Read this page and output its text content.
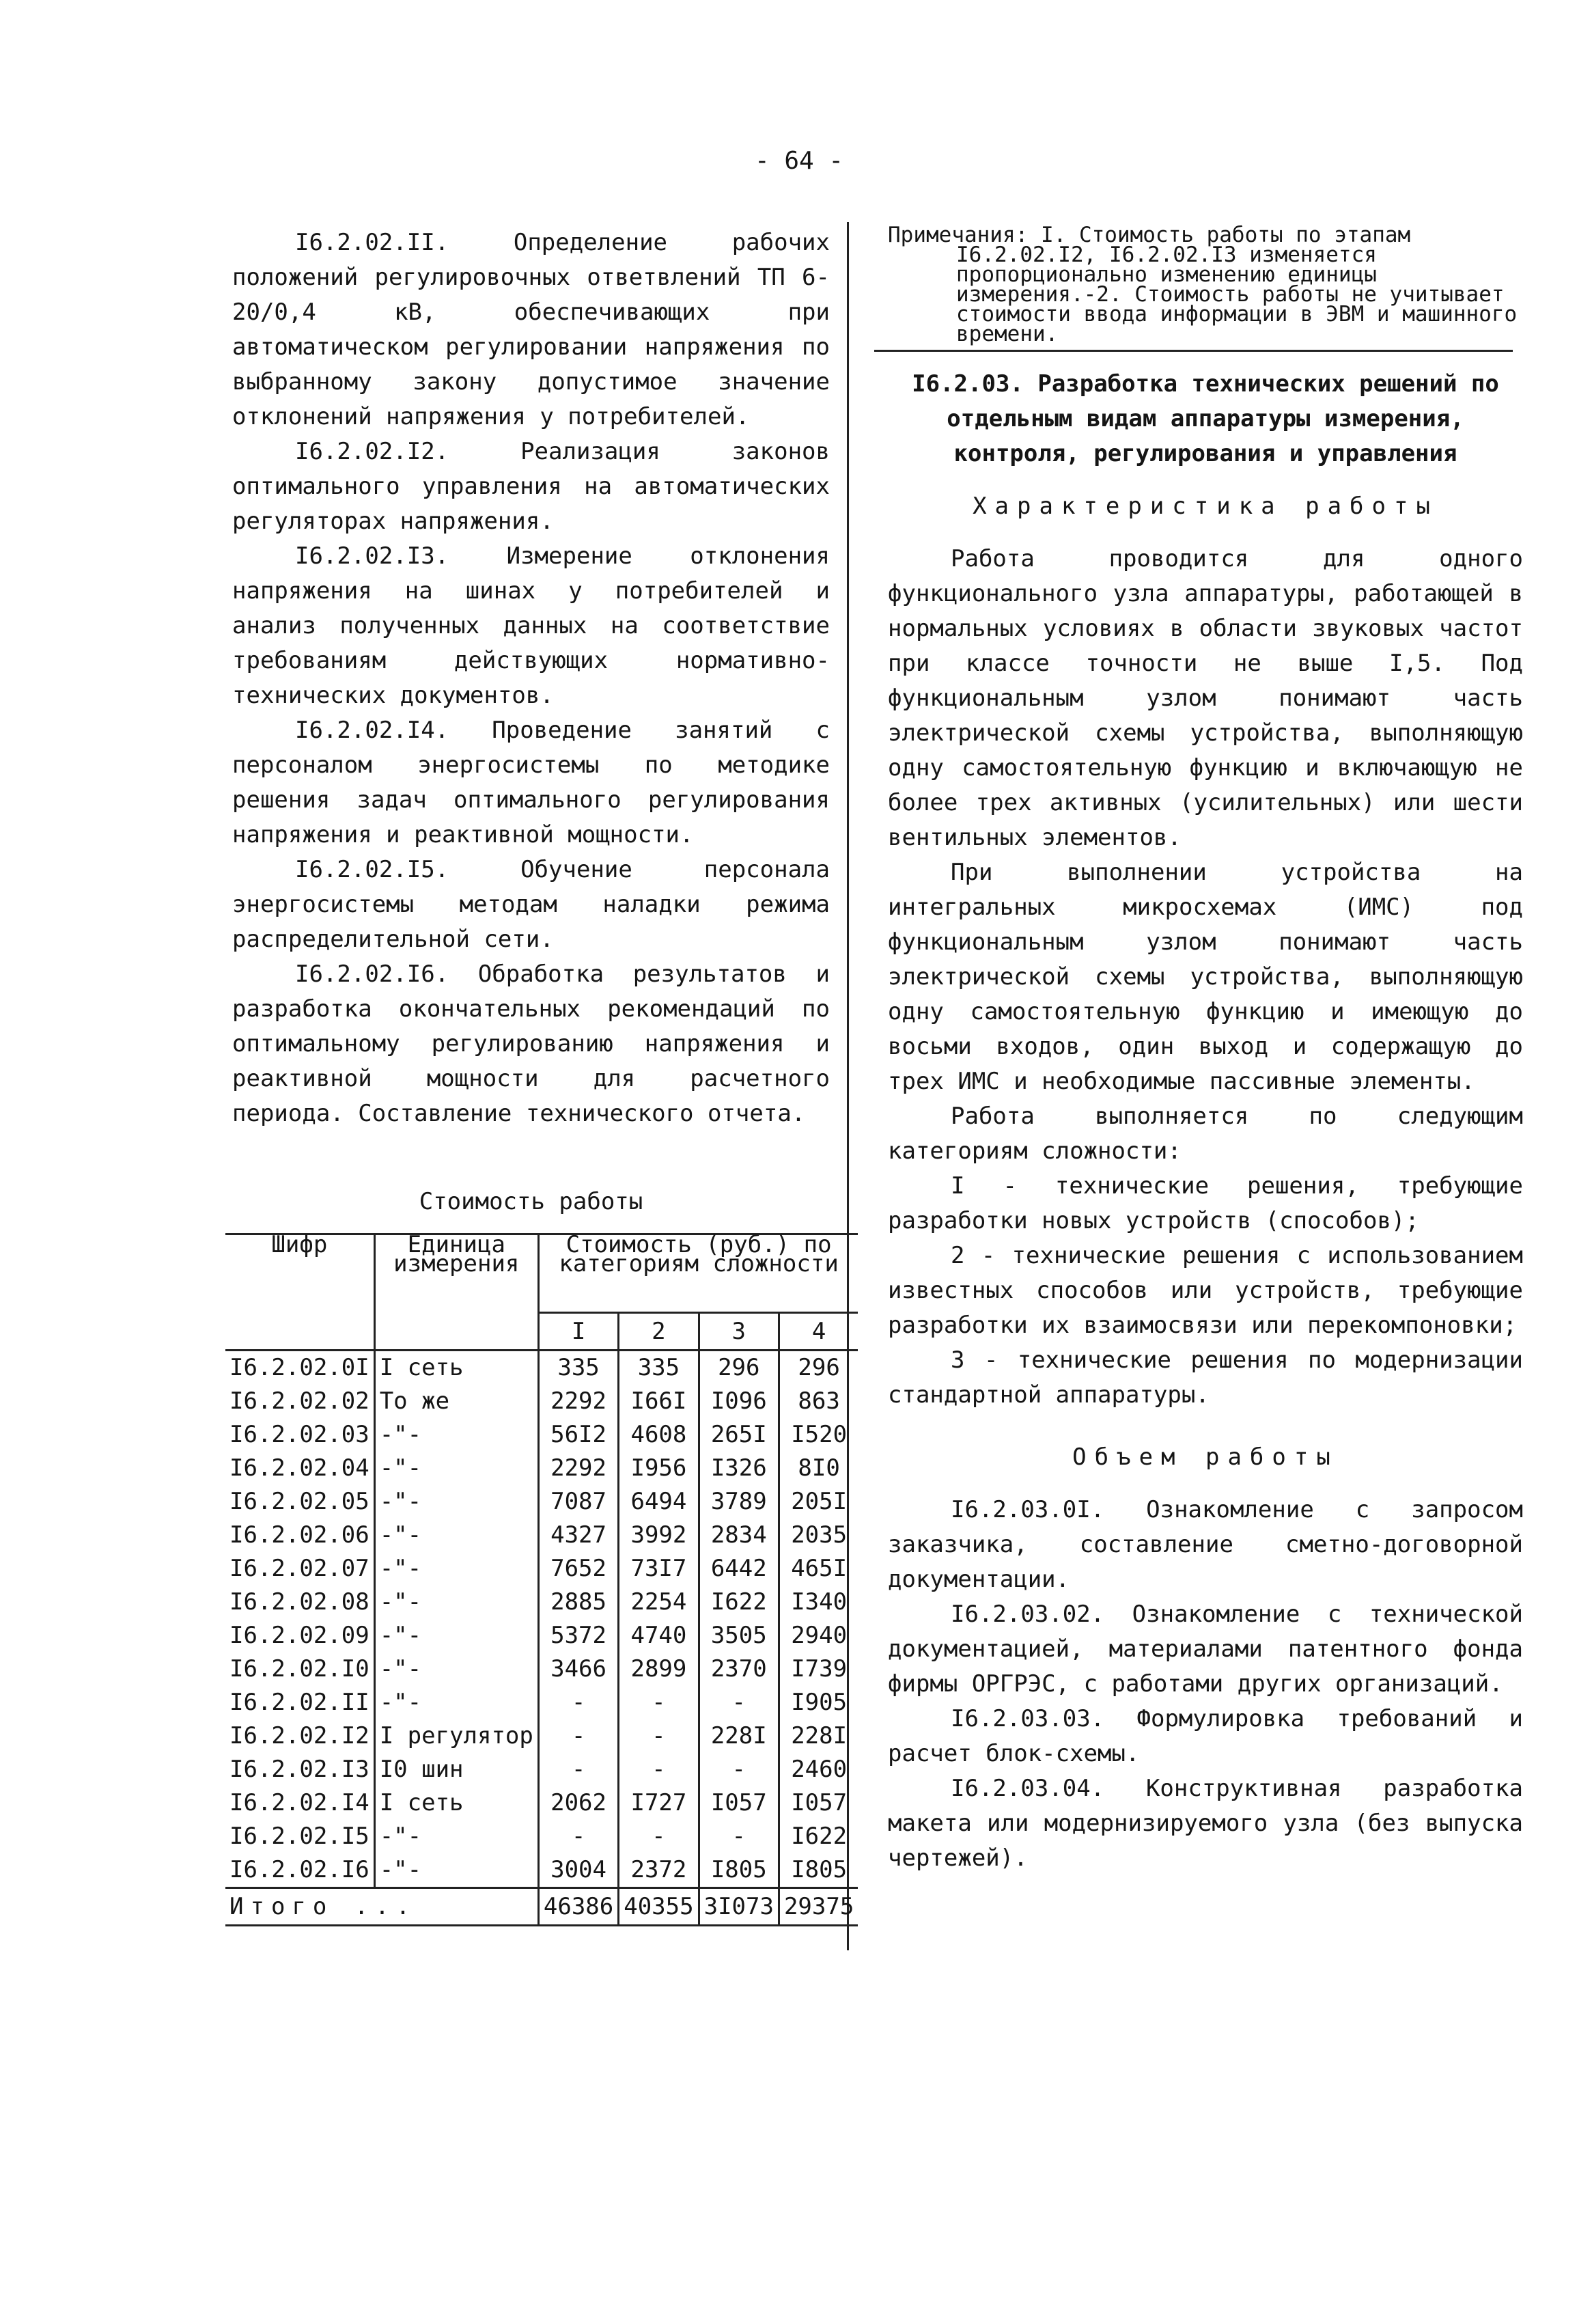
- 64 -

I6.2.02.II. Определение рабочих положений регулировочных ответвлений ТП 6-20/0,4 кВ, обеспечивающих при автоматическом регулировании напряжения по выбранному закону допустимое значение отклонений напряжения у потребителей.

I6.2.02.I2. Реализация законов оптимального управления на автоматических регуляторах напряжения.

I6.2.02.I3. Измерение отклонения напряжения на шинах у потребителей и анализ полученных данных на соответствие требованиям действующих нормативно-технических документов.

I6.2.02.I4. Проведение занятий с персоналом энергосистемы по методике решения задач оптимального регулирования напряжения и реактивной мощности.

I6.2.02.I5. Обучение персонала энергосистемы методам наладки режима распределительной сети.

I6.2.02.I6. Обработка результатов и разработка окончательных рекомендаций по оптимальному регулированию напряжения и реактивной мощности для расчетного периода. Составление технического отчета.

Стоимость работы

Шифр	Единица измерения	Стоимость (руб.) по категориям сложности			
		I	2	3	4
I6.2.02.0I	I сеть	335	335	296	296
I6.2.02.02	То же	2292	I66I	I096	863
I6.2.02.03	-"-	56I2	4608	265I	I520
I6.2.02.04	-"-	2292	I956	I326	8I0
I6.2.02.05	-"-	7087	6494	3789	205I
I6.2.02.06	-"-	4327	3992	2834	2035
I6.2.02.07	-"-	7652	73I7	6442	465I
I6.2.02.08	-"-	2885	2254	I622	I340
I6.2.02.09	-"-	5372	4740	3505	2940
I6.2.02.I0	-"-	3466	2899	2370	I739
I6.2.02.II	-"-	-	-	-	I905
I6.2.02.I2	I регулятор	-	-	228I	228I
I6.2.02.I3	I0 шин	-	-	-	2460
I6.2.02.I4	I сеть	2062	I727	I057	I057
I6.2.02.I5	-"-	-	-	-	I622
I6.2.02.I6	-"-	3004	2372	I805	I805
Итого ...		46386	40355	3I073	29375

Примечания: I. Стоимость работы по этапам I6.2.02.I2, I6.2.02.I3 изменяется пропорционально изменению единицы измерения.-2. Стоимость работы не учитывает стоимости ввода информации в ЭВМ и машинного времени.

I6.2.03. Разработка технических решений по отдельным видам аппаратуры измерения, контроля, регулирования и управления

Характеристика работы

Работа проводится для одного функционального узла аппаратуры, работающей в нормальных условиях в области звуковых частот при классе точности не выше I,5. Под функциональным узлом понимают часть электрической схемы устройства, выполняющую одну самостоятельную функцию и включающую не более трех активных (усилительных) или шести вентильных элементов.

При выполнении устройства на интегральных микросхемах (ИМС) под функциональным узлом понимают часть электрической схемы устройства, выполняющую одну самостоятельную функцию и имеющую до восьми входов, один выход и содержащую до трех ИМС и необходимые пассивные элементы.

Работа выполняется по следующим категориям сложности:

I - технические решения, требующие разработки новых устройств (способов);

2 - технические решения с использованием известных способов или устройств, требующие разработки их взаимосвязи или перекомпоновки;

3 - технические решения по модернизации стандартной аппаратуры.

Объем работы

I6.2.03.0I. Ознакомление с запросом заказчика, составление сметно-договорной документации.

I6.2.03.02. Ознакомление с технической документацией, материалами патентного фонда фирмы ОРГРЭС, с работами других организаций.

I6.2.03.03. Формулировка требований и расчет блок-схемы.

I6.2.03.04. Конструктивная разработка макета или модернизируемого узла (без выпуска чертежей).
